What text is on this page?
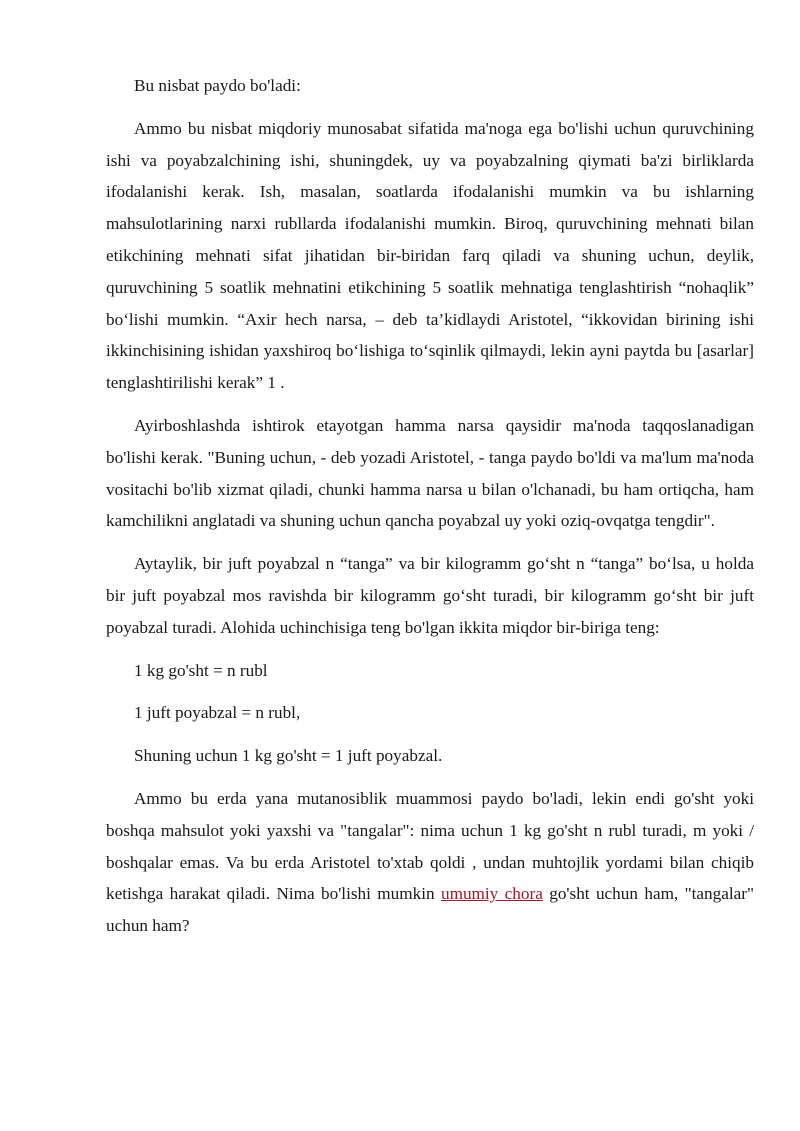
Bu nisbat paydo bo'ladi:

Ammo bu nisbat miqdoriy munosabat sifatida ma'noga ega bo'lishi uchun quruvchining ishi va poyabzalchining ishi, shuningdek, uy va poyabzalning qiymati ba'zi birliklarda ifodalanishi kerak. Ish, masalan, soatlarda ifodalanishi mumkin va bu ishlarning mahsulotlarining narxi rubllarda ifodalanishi mumkin. Biroq, quruvchining mehnati bilan etikchining mehnati sifat jihatidan bir-biridan farq qiladi va shuning uchun, deylik, quruvchining 5 soatlik mehnatini etikchining 5 soatlik mehnatiga tenglashtirish “nohaqlik” bo‘lishi mumkin. “Axir hech narsa, – deb ta’kidlaydi Aristotel, “ikkovidan birining ishi ikkinchisining ishidan yaxshiroq bo‘lishiga to‘sqinlik qilmaydi, lekin ayni paytda bu [asarlar] tenglashtirilishi kerak” 1 .

Ayirboshlashda ishtirok etayotgan hamma narsa qaysidir ma'noda taqqoslanadigan bo'lishi kerak. "Buning uchun, - deb yozadi Aristotel, - tanga paydo bo'ldi va ma'lum ma'noda vositachi bo'lib xizmat qiladi, chunki hamma narsa u bilan o'lchanadi, bu ham ortiqcha, ham kamchilikni anglatadi va shuning uchun qancha poyabzal uy yoki oziq-ovqatga tengdir".

Aytaylik, bir juft poyabzal n “tanga” va bir kilogramm go‘sht n “tanga” bo‘lsa, u holda bir juft poyabzal mos ravishda bir kilogramm go‘sht turadi, bir kilogramm go‘sht bir juft poyabzal turadi. Alohida uchinchisiga teng bo'lgan ikkita miqdor bir-biriga teng:

1 kg go'sht = n rubl

1 juft poyabzal = n rubl,

Shuning uchun 1 kg go'sht = 1 juft poyabzal.

Ammo bu erda yana mutanosiblik muammosi paydo bo'ladi, lekin endi go'sht yoki boshqa mahsulot yoki yaxshi va "tangalar": nima uchun 1 kg go'sht n rubl turadi, m yoki / boshqalar emas. Va bu erda Aristotel to'xtab qoldi , undan muhtojlik yordami bilan chiqib ketishga harakat qiladi. Nima bo'lishi mumkin umumiy chora go'sht uchun ham, "tangalar" uchun ham?
